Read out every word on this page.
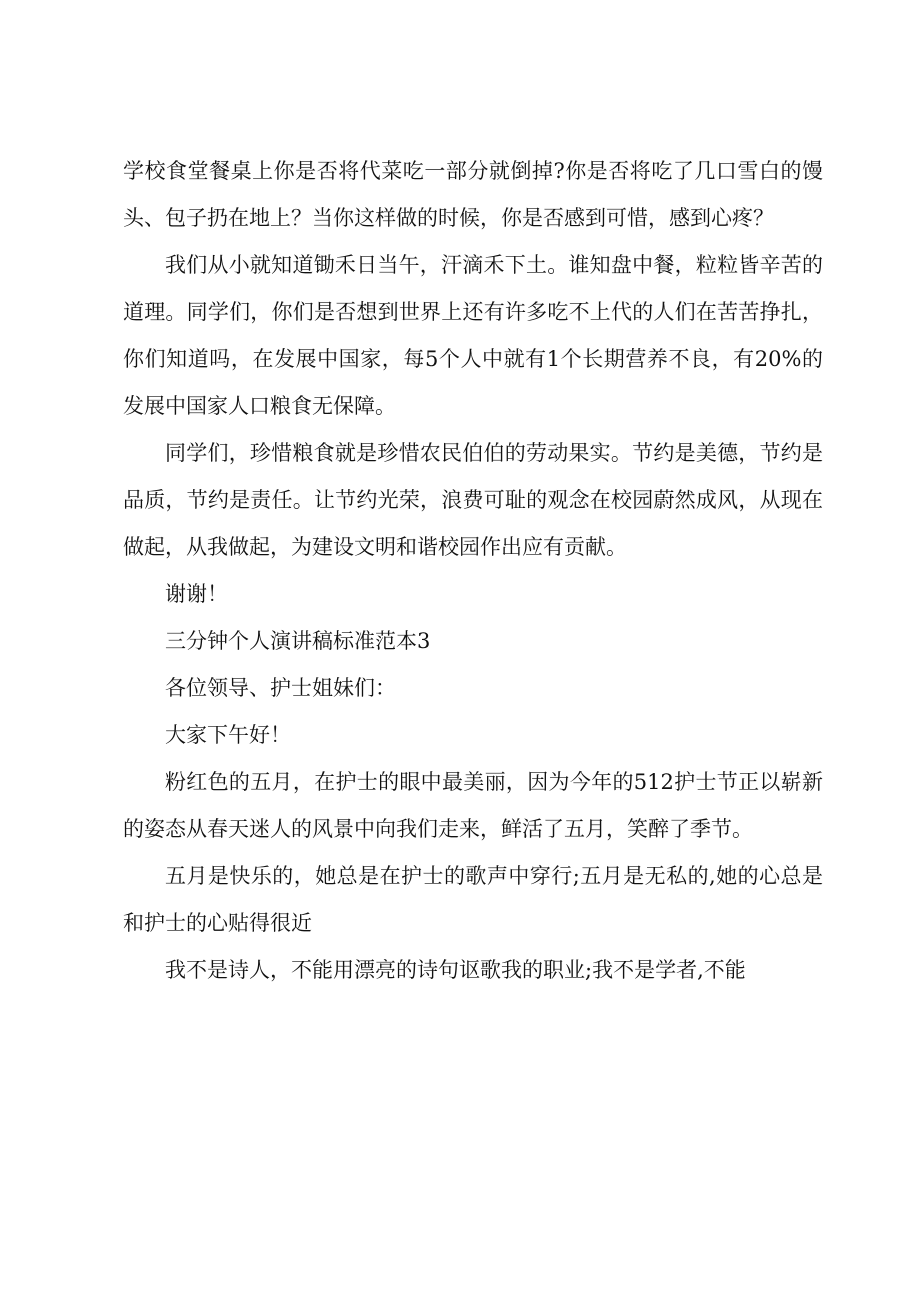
学校食堂餐桌上你是否将代菜吃一部分就倒掉?你是否将吃了几口雪白的馒头、包子扔在地上？当你这样做的时候，你是否感到可惜，感到心疼？

我们从小就知道锄禾日当午，汗滴禾下土。谁知盘中餐，粒粒皆辛苦的道理。同学们，你们是否想到世界上还有许多吃不上代的人们在苦苦挣扎，你们知道吗，在发展中国家，每5个人中就有1个长期营养不良，有20%的发展中国家人口粮食无保障。

同学们，珍惜粮食就是珍惜农民伯伯的劳动果实。节约是美德，节约是品质，节约是责任。让节约光荣，浪费可耻的观念在校园蔚然成风，从现在做起，从我做起，为建设文明和谐校园作出应有贡献。

谢谢！

三分钟个人演讲稿标准范本3

各位领导、护士姐妹们：

大家下午好！

粉红色的五月，在护士的眼中最美丽，因为今年的512护士节正以崭新的姿态从春天迷人的风景中向我们走来，鲜活了五月，笑醉了季节。

五月是快乐的，她总是在护士的歌声中穿行;五月是无私的,她的心总是和护士的心贴得很近

我不是诗人，不能用漂亮的诗句讴歌我的职业;我不是学者,不能
